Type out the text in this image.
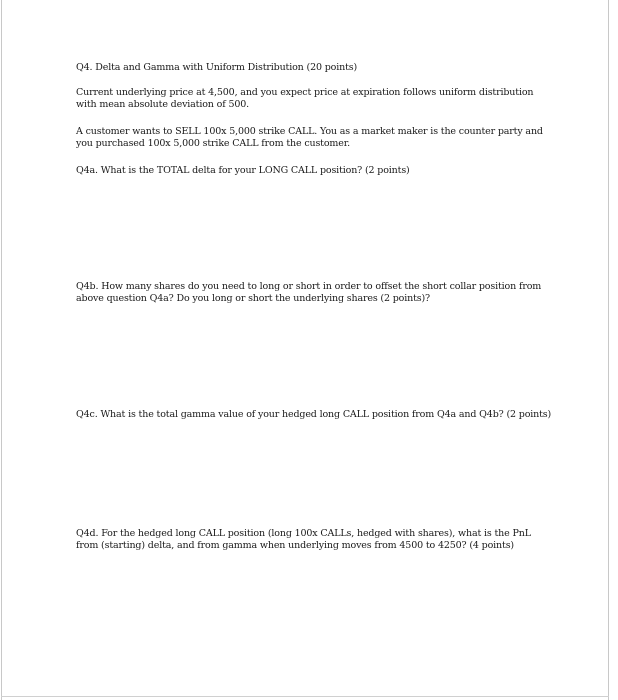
Q4. Delta and Gamma with Uniform Distribution (20 points)
Current underlying price at 4,500, and you expect price at expiration follows uniform distribution
with mean absolute deviation of 500.
A customer wants to SELL 100x 5,000 strike CALL. You as a market maker is the counter party and
you purchased 100x 5,000 strike CALL from the customer.
Q4a. What is the TOTAL delta for your LONG CALL position? (2 points)
Q4b. How many shares do you need to long or short in order to offset the short collar position from
above question Q4a? Do you long or short the underlying shares (2 points)?
Q4c. What is the total gamma value of your hedged long CALL position from Q4a and Q4b? (2 points)
Q4d. For the hedged long CALL position (long 100x CALLs, hedged with shares), what is the PnL
from (starting) delta, and from gamma when underlying moves from 4500 to 4250? (4 points)
